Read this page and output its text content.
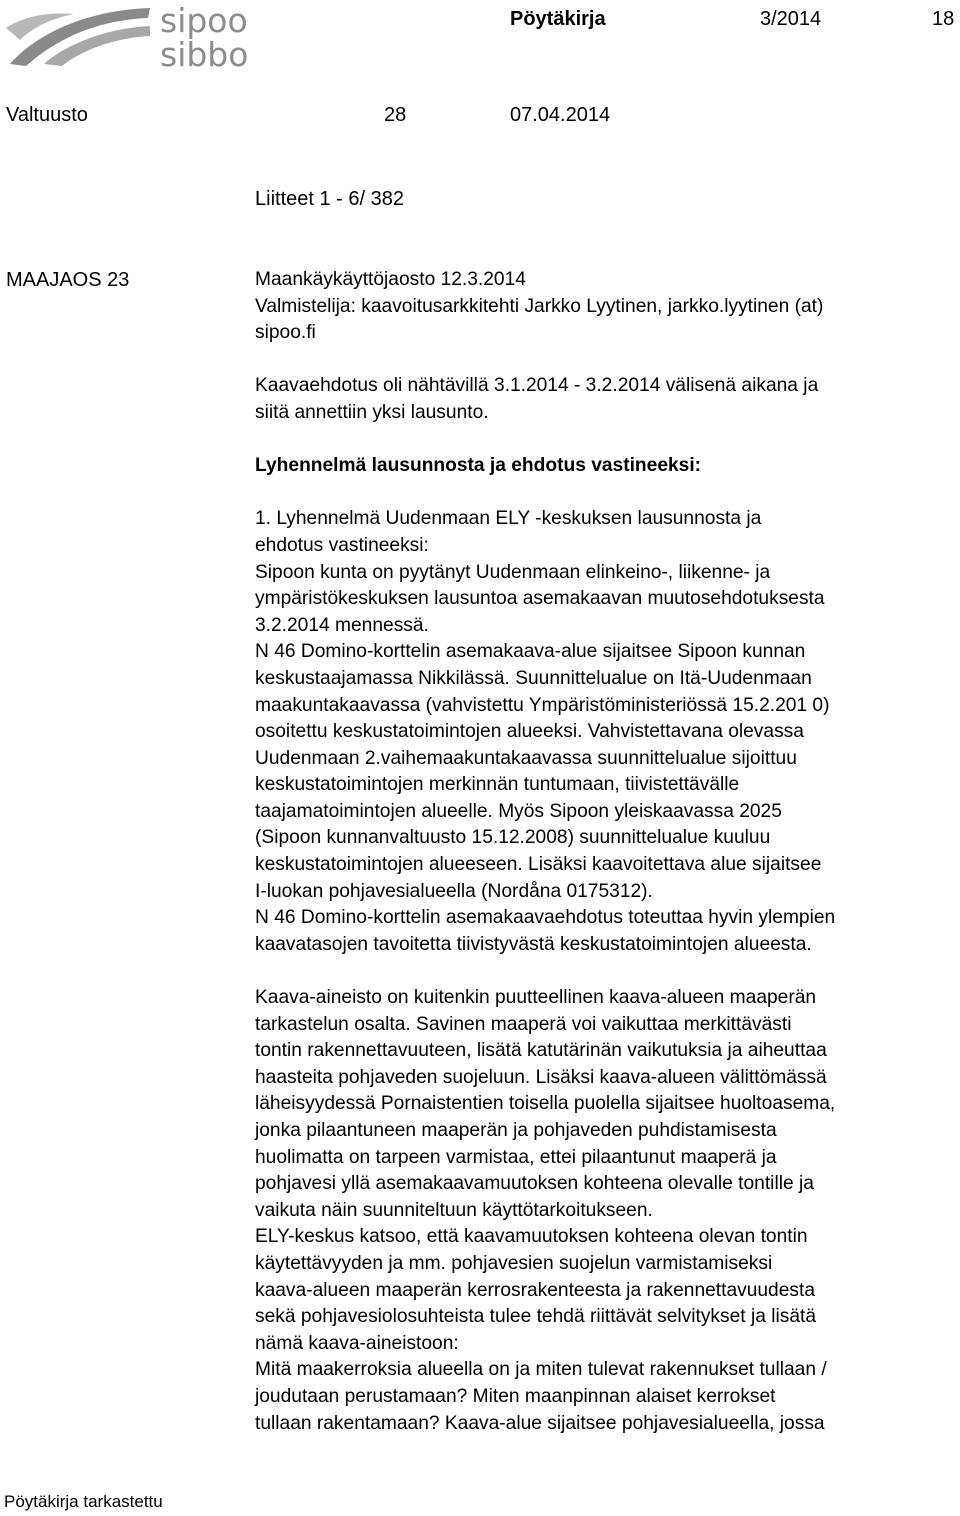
sipoo
sibbo
Pöytäkirja	3/2014	18
Valtuusto	28	07.04.2014
Liitteet 1 - 6/ 382
MAAJAOS 23	Maankäykäyttöjaosto 12.3.2014

Valmistelija: kaavoitusarkkitehti Jarkko Lyytinen, jarkko.lyytinen (at)

sipoo.fi

Kaavaehdotus oli nähtävillä 3.1.2014 - 3.2.2014 välisenä aikana ja

siitä annettiin yksi lausunto.

Lyhennelmä lausunnosta ja ehdotus vastineeksi:

1. Lyhennelmä Uudenmaan ELY -keskuksen lausunnosta ja

ehdotus vastineeksi:

Sipoon kunta on pyytänyt Uudenmaan elinkeino-, liikenne- ja

ympäristökeskuksen lausuntoa asemakaavan muutosehdotuksesta

3.2.2014 mennessä.

N 46 Domino-korttelin asemakaava-alue sijaitsee Sipoon kunnan

keskustaajamassa Nikkilässä. Suunnittelualue on Itä-Uudenmaan

maakuntakaavassa (vahvistettu Ympäristöministeriössä 15.2.201 0)

osoitettu keskustatoimintojen alueeksi. Vahvistettavana olevassa

Uudenmaan 2.vaihemaakuntakaavassa suunnittelualue sijoittuu

keskustatoimintojen merkinnän tuntumaan, tiivistettävälle

taajamatoimintojen alueelle. Myös Sipoon yleiskaavassa 2025

(Sipoon kunnanvaltuusto 15.12.2008) suunnittelualue kuuluu

keskustatoimintojen alueeseen. Lisäksi kaavoitettava alue sijaitsee

I-luokan pohjavesialueella (Nordåna 0175312).

N 46 Domino-korttelin asemakaavaehdotus toteuttaa hyvin ylempien

kaavatasojen tavoitetta tiivistyvästä keskustatoimintojen alueesta.

Kaava-aineisto on kuitenkin puutteellinen kaava-alueen maaperän

tarkastelun osalta. Savinen maaperä voi vaikuttaa merkittävästi

tontin rakennettavuuteen, lisätä katutärinän vaikutuksia ja aiheuttaa

haasteita pohjaveden suojeluun. Lisäksi kaava-alueen välittömässä

läheisyydessä Pornaistentien toisella puolella sijaitsee huoltoasema,

jonka pilaantuneen maaperän ja pohjaveden puhdistamisesta

huolimatta on tarpeen varmistaa, ettei pilaantunut maaperä ja

pohjavesi yllä asemakaavamuutoksen kohteena olevalle tontille ja

vaikuta näin suunniteltuun käyttötarkoitukseen.

ELY-keskus katsoo, että kaavamuutoksen kohteena olevan tontin

käytettävyyden ja mm. pohjavesien suojelun varmistamiseksi

kaava-alueen maaperän kerrosrakenteesta ja rakennettavuudesta

sekä pohjavesiolosuhteista tulee tehdä riittävät selvitykset ja lisätä

nämä kaava-aineistoon:

Mitä maakerroksia alueella on ja miten tulevat rakennukset tullaan /

joudutaan perustamaan? Miten maanpinnan alaiset kerrokset

tullaan rakentamaan? Kaava-alue sijaitsee pohjavesialueella, jossa

Pöytäkirja tarkastettu
